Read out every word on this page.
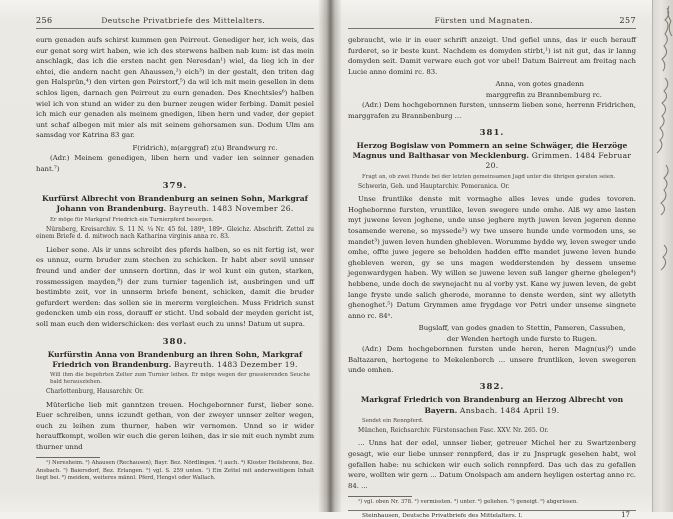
256	Deutsche Privatbriefe des Mittelalters.

eurn genaden aufs schirst kummen gen Peirreut. Genediger her, ich weis, das eur genat sorg wirt haben, wie ich des sterwens halben nab kum: ist das mein anschlagk, das ich die ersten nacht gen Neresdan¹) wiel, da lieg ich in der ehtei, die andern nacht gen Ahaussen,²) eich³) in der gestalt, den triten dag gen Halsprün,⁴) den virten gen Peirstorf,⁵) da wil ich mit mein gesellen in dem schlos ligen, darnach gen Peirreut zu eurn genaden. Des Knechtsles⁶) halben wiel ich von stund an wider zu den burner zeugen wider ferbing. Damit pesiel ich mich eur genaden als meinem gnedigen, liben hern und vader, der gepiet unt schaf albegen mit mier als mit seinem gehorsamen sun. Dodum Ulm am samsdag vor Katrina 83 gar.

F(ridrich), m(arggraf) z(u) Brandwurg rc.

(Adr.) Meinem genedigen, liben hern und vader ien seinner genaden hant.⁷)

379.

Kurfürst Albrecht von Brandenburg an seinen Sohn, Markgraf Johann von Brandenburg. Bayreuth. 1483 November 26.

Er möge für Markgraf Friedrich ein Turnierpferd besorgen.

Nürnberg, Kreisarchiv. S. 11 N. ¼ Nr. 45 fol. 189ᵇ, 189ᵃ. Gleichz. Abschrift. Zettel zu einem Briefe d. d. mitwoch nach Katharina virginis anna rc. 83.

Lieber sone. Als ir unns schreibt des pferds halben, so es nit fertig ist, wer es unnuz, eurm bruder zum stechen zu schicken. Ir habt aber sovil unnser freund und ander der unnsern dortinn, das ir wol kunt ein guten, starken, rossmessigen mayden,⁸) der zum turnier tagenlich ist, ausbringen und uff bestimbte zeit, vor in unnserm briefe benent, schicken, damit die bruder gefurdert werden: das sollen sie in mererm vergleichen. Muss Fridrich sunst gedencken umb ein ross, dorauff er sticht. Und sobald der meyden gericht ist, soll man euch den widerschicken: des verlast euch zu unns! Datum ut supra.

380.

Kurfürstin Anna von Brandenburg an ihren Sohn, Markgraf Friedrich von Brandenburg. Bayreuth. 1483 Dezember 19.

Will ihm die begehrten Zelter zum Turnier leihen. Er möge wegen der grassierenden Seuche bald herausziehen.

Charlottenburg, Hausarchiv. Or.

Müterliche lieb mit ganntzen treuen. Hochgebornner furst, lieber sone. Euer schreiben, unns iczundt gethan, von der zweyer unnser zelter wegen, euch zu leihen zum thurner, haben wir vernomen. Unnd so ir wider herauffkompt, wollen wir euch die geren leihen, das ir sie mit euch nymbt zum thurner unnd

¹) Neresheim. ²) Ahausen (Rechausen), Bayr. Bez. Nördlingen. ³) auch. ⁴) Kloster Heilsbronn, Bez. Ansbach. ⁵) Baiersdorf, Bez. Erlangen. ⁶) vgl. S. 259 unten. ⁷) Ein Zettel mit anderweitigem Inhalt liegt bei. ⁸) meidem, weiteres männl. Pferd, Hengst oder Wallach.

Fürsten und Magnaten.	257

gebraucht, wie ir in euer schrift anzeigt. Und gefiel unns, das ir euch herauff furderet, so ir beste kunt. Nachdem es domyden stirbt,¹) ist nit gut, das ir lanng domyden seit. Damit verware euch got vor ubel! Datum Bairreut am freitag nach Lucie anno domini rc. 83.

Anna, von gotes gnadenn

marggrefin zu Brannbemburg rc.

(Adr.) Dem hochgebornnen fursten, unnserm lieben sone, herrenn Fridrichen, marggrafen zu Brannbenburg ...

381.

Herzog Bogislaw von Pommern an seine Schwäger, die Herzöge Magnus und Balthasar von Mecklenburg. Grimmen. 1484 Februar 20.

Fragt an, ob zwei Hunde bei der letzten gemeinsamen Jagd unter die übrigen geraten seien.

Schwerin, Geh. und Hauptarchiv. Pomeranica. Or.

Unse fruntlike denste mit vormaghe alles leves unde gudes tovoren. Hoghebornne fursten, vruntlike, leven swegere unde omhe. Alß wy ame lasten myt juwene leven joghene, unde unse jeghere myth juwen leven jegeren denne tosamende werene, so myssede²) wy twe unsere hunde unde vormoden uns, se mandet³) juwen leven hunden ghebleven. Worumme bydde wy, leven sweger unde omhe, offte juwe jegere se beholden hadden effte mandet juwene leven hunde ghebleven weren, gy se uns magen wedderstenden by dessem unseme jegenwardygen haben. Wy willen se juwene leven suß langer gherne ghelegen⁴) hebbene, unde doch de swynejacht nu al vorby yst. Kane wy juwen leven, de gebt lange fryste unde salich gherode, moranne to denste werden, sint wy alletyth ghenoghet.⁵) Datum Grymmen ame frygdage vor Petri under unseme singnete anno rc. 84ᵃ.

Bugslaff, van godes gnaden to Stettin, Pameren, Cassuben,

der Wenden hertogh unde furste to Rugen.

(Adr.) Dem hochgebornnen fursten unde heren, heren Magn(us)⁶) unde Baltazaren, hertogene to Mekelenborch ... unsere fruntliken, leven swegeren unde omhen.

382.

Markgraf Friedrich von Brandenburg an Herzog Albrecht von Bayern. Ansbach. 1484 April 19.

Sendet ein Rennpferd.

München, Reichsarchiv. Fürstensachen Fasc. XXV. Nr. 265. Or.

... Unns hat der edel, unnser lieber, getreuer Michel her zu Swartzenberg gesagt, wie eur liebe unnser rennpferd, das ir zu Jnsprugk gesehen habt, wol gefallen habe: nu schicken wir euch solich rennpferd. Das uch das zu gefallen were, wollten wir gern ... Datum Onolspach am andern heyligen ostertag anno rc. 84. ...

¹) vgl. oben Nr. 378. ²) vermissten. ³) unter. ⁴) geliehen. ⁵) geneigt. ⁶) abgerissen.

Steinhausen, Deutsche Privatbriefe des Mittelalters. I.	17
